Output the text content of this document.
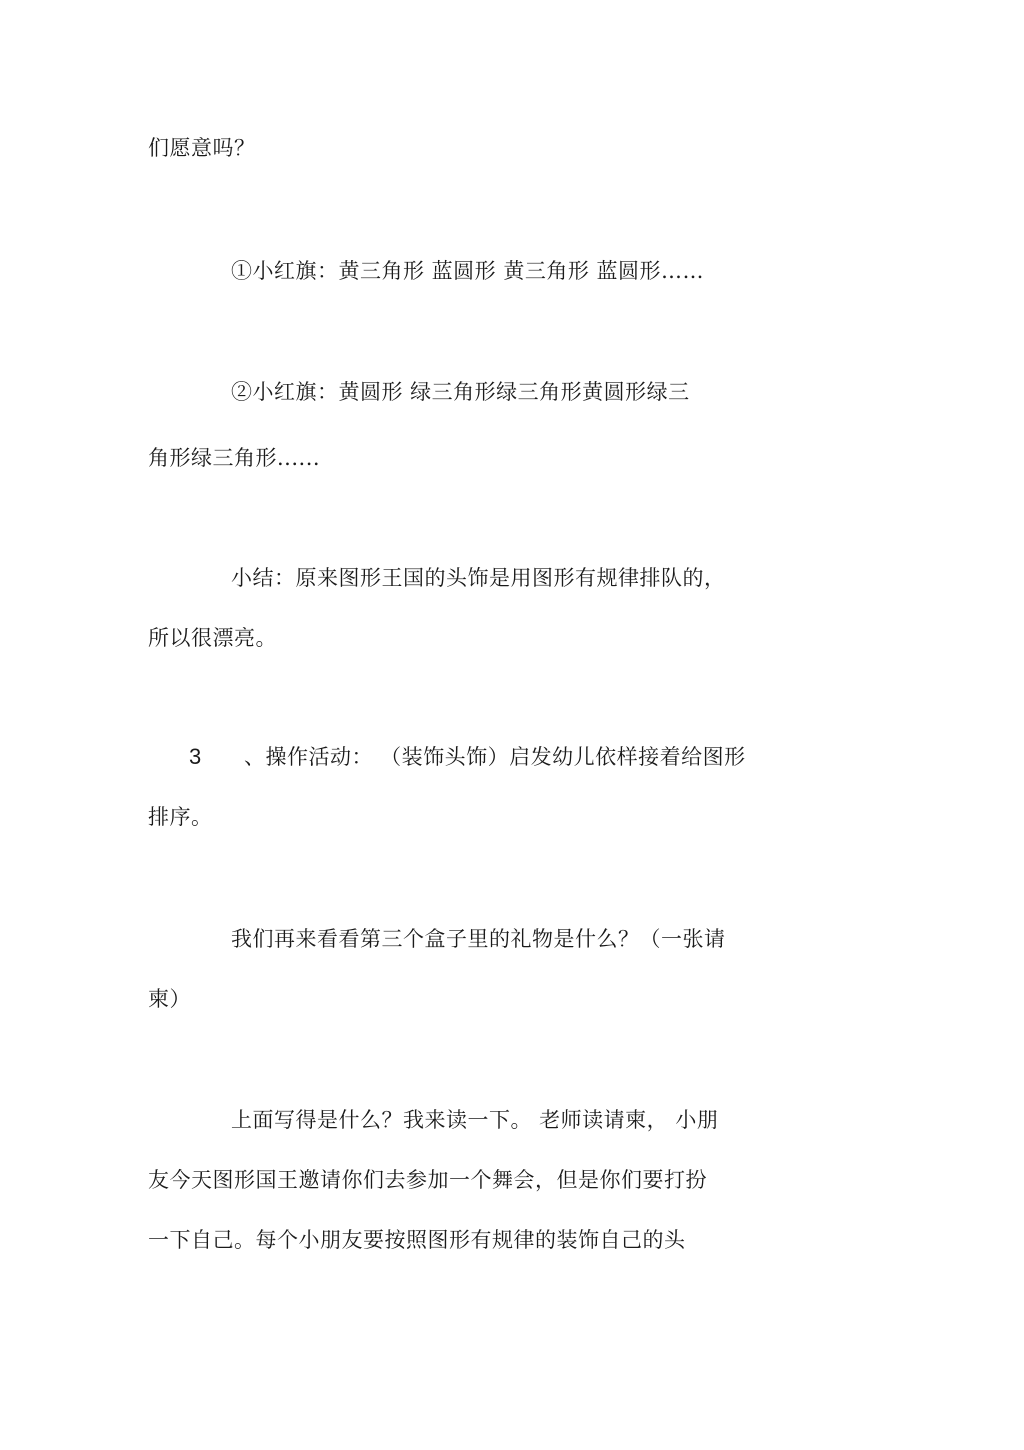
们愿意吗？
①小红旗：黄三角形 蓝圆形 黄三角形 蓝圆形……
②小红旗：黄圆形 绿三角形绿三角形黄圆形绿三
角形绿三角形......
小结：原来图形王国的头饰是用图形有规律排队的，
所以很漂亮。
3 、操作活动： （装饰头饰）启发幼儿依样接着给图形
排序。
我们再来看看第三个盒子里的礼物是什么？（一张请
柬）
上面写得是什么？我来读一下。 老师读请柬， 小朋
友今天图形国王邀请你们去参加一个舞会，但是你们要打扮
一下自己。每个小朋友要按照图形有规律的装饰自己的头
